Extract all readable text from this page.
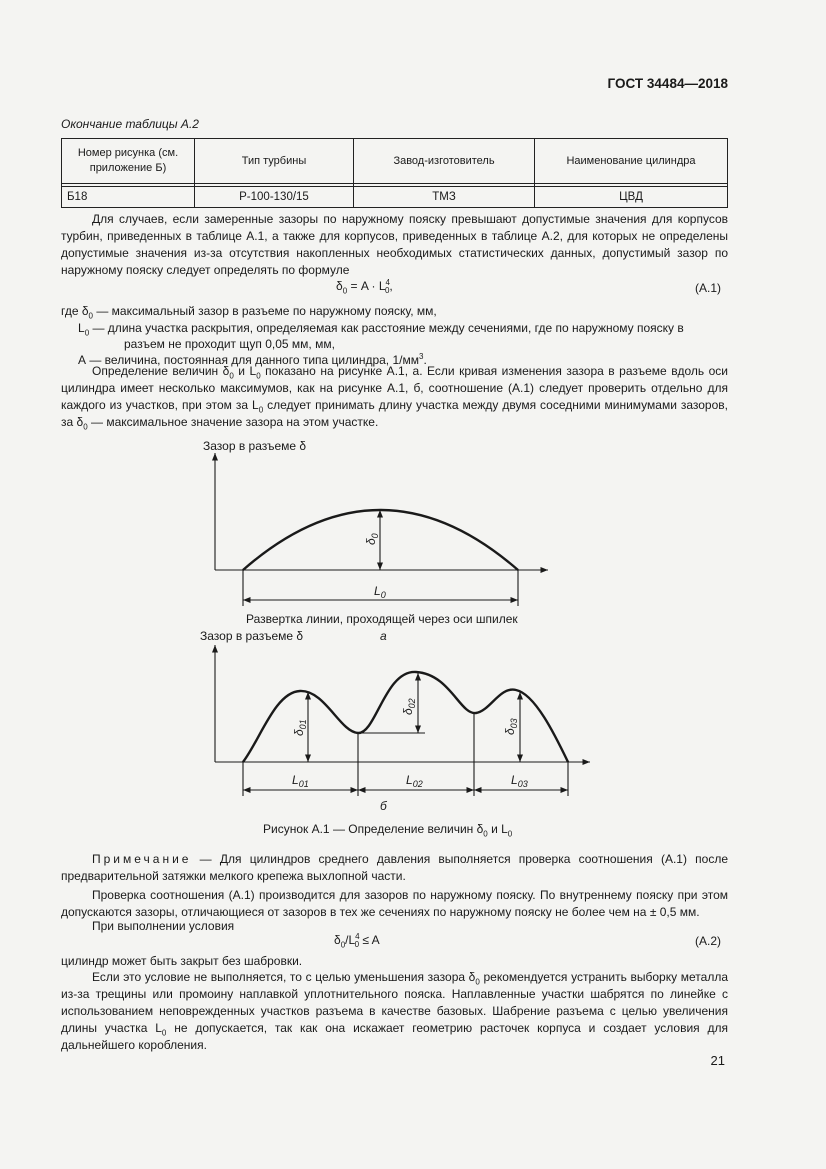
ГОСТ 34484—2018
Окончание таблицы А.2
Номер рисунка (см. приложение Б)	Тип турбины	Завод-изготовитель	Наименование цилиндра

Б18	Р-100-130/15	ТМЗ	ЦВД
Для случаев, если замеренные зазоры по наружному пояску превышают допустимые значения для корпусов турбин, приведенных в таблице А.1, а также для корпусов, приведенных в таблице А.2, для которых не определены допустимые значения из-за отсутствия накопленных необходимых статистических данных, допустимый зазор по наружному пояску следует определять по формуле
$\delta_0 = A \cdot L^4_0$,	(А.1)
где $\delta_0$ — максимальный зазор в разъеме по наружному пояску, мм,
$L_0$ — длина участка раскрытия, определяемая как расстояние между сечениями, где по наружному пояску в
разъем не проходит щуп 0,05 мм, мм,
А — величина, постоянная для данного типа цилиндра, $1/мм^3$.
Определение величин $\delta_0$ и $L_0$ показано на рисунке А.1, а. Если кривая изменения зазора в разъеме вдоль оси цилиндра имеет несколько максимумов, как на рисунке А.1, б, соотношение (А.1) следует проверить отдельно для каждого из участков, при этом за $L_0$ следует принимать длину участка между двумя соседними минимумами зазоров, за $\delta_0$ — максимальное значение зазора на этом участке.
Зазор в разъеме δ
$\delta_0$
$L_0$
Развертка линии, проходящей через оси шпилек
а
Зазор в разъеме δ
$\delta_{01}$
$\delta_{02}$
$\delta_{03}$
$L_{01}$	$L_{02}$	$L_{03}$
б
Рисунок А.1 — Определение величин $\delta_0$ и $L_0$
Примечание — Для цилиндров среднего давления выполняется проверка соотношения (А.1) после предварительной затяжки мелкого крепежа выхлопной части.
Проверка соотношения (А.1) производится для зазоров по наружному пояску. По внутреннему пояску при этом допускаются зазоры, отличающиеся от зазоров в тех же сечениях по наружному пояску не более чем на ± 0,5 мм.
При выполнении условия
$\delta_0/L^4_0 \le A$	(А.2)
цилиндр может быть закрыт без шабровки.
Если это условие не выполняется, то с целью уменьшения зазора $\delta_0$ рекомендуется устранить выборку металла из-за трещины или промоину наплавкой уплотнительного пояска. Наплавленные участки шабрятся по линейке с использованием неповрежденных участков разъема в качестве базовых. Шабрение разъема с целью увеличения длины участка $L_0$ не допускается, так как она искажает геометрию расточек корпуса и создает условия для дальнейшего коробления.
21
